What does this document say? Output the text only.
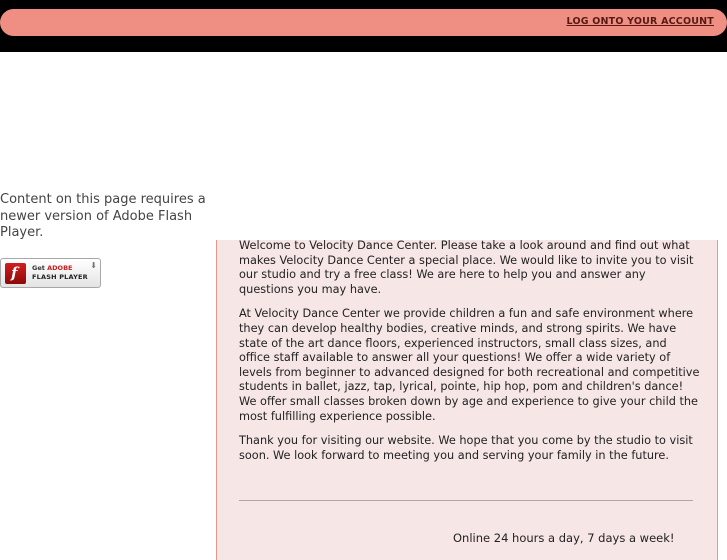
LOG ONTO YOUR ACCOUNT
Content on this page requires a newer version of Adobe Flash Player.
f Get ADOBE
FLASH PLAYER
⬇

Welcome to Velocity Dance Center. Please take a look around and find out what makes Velocity Dance Center a special place. We would like to invite you to visit our studio and try a free class! We are here to help you and answer any questions you may have.

At Velocity Dance Center we provide children a fun and safe environment where they can develop healthy bodies, creative minds, and strong spirits. We have state of the art dance floors, experienced instructors, small class sizes, and office staff available to answer all your questions! We offer a wide variety of levels from beginner to advanced designed for both recreational and competitive students in ballet, jazz, tap, lyrical, pointe, hip hop, pom and children's dance! We offer small classes broken down by age and experience to give your child the most fulfilling experience possible.

Thank you for visiting our website. We hope that you come by the studio to visit soon. We look forward to meeting you and serving your family in the future.

Online 24 hours a day, 7 days a week!
